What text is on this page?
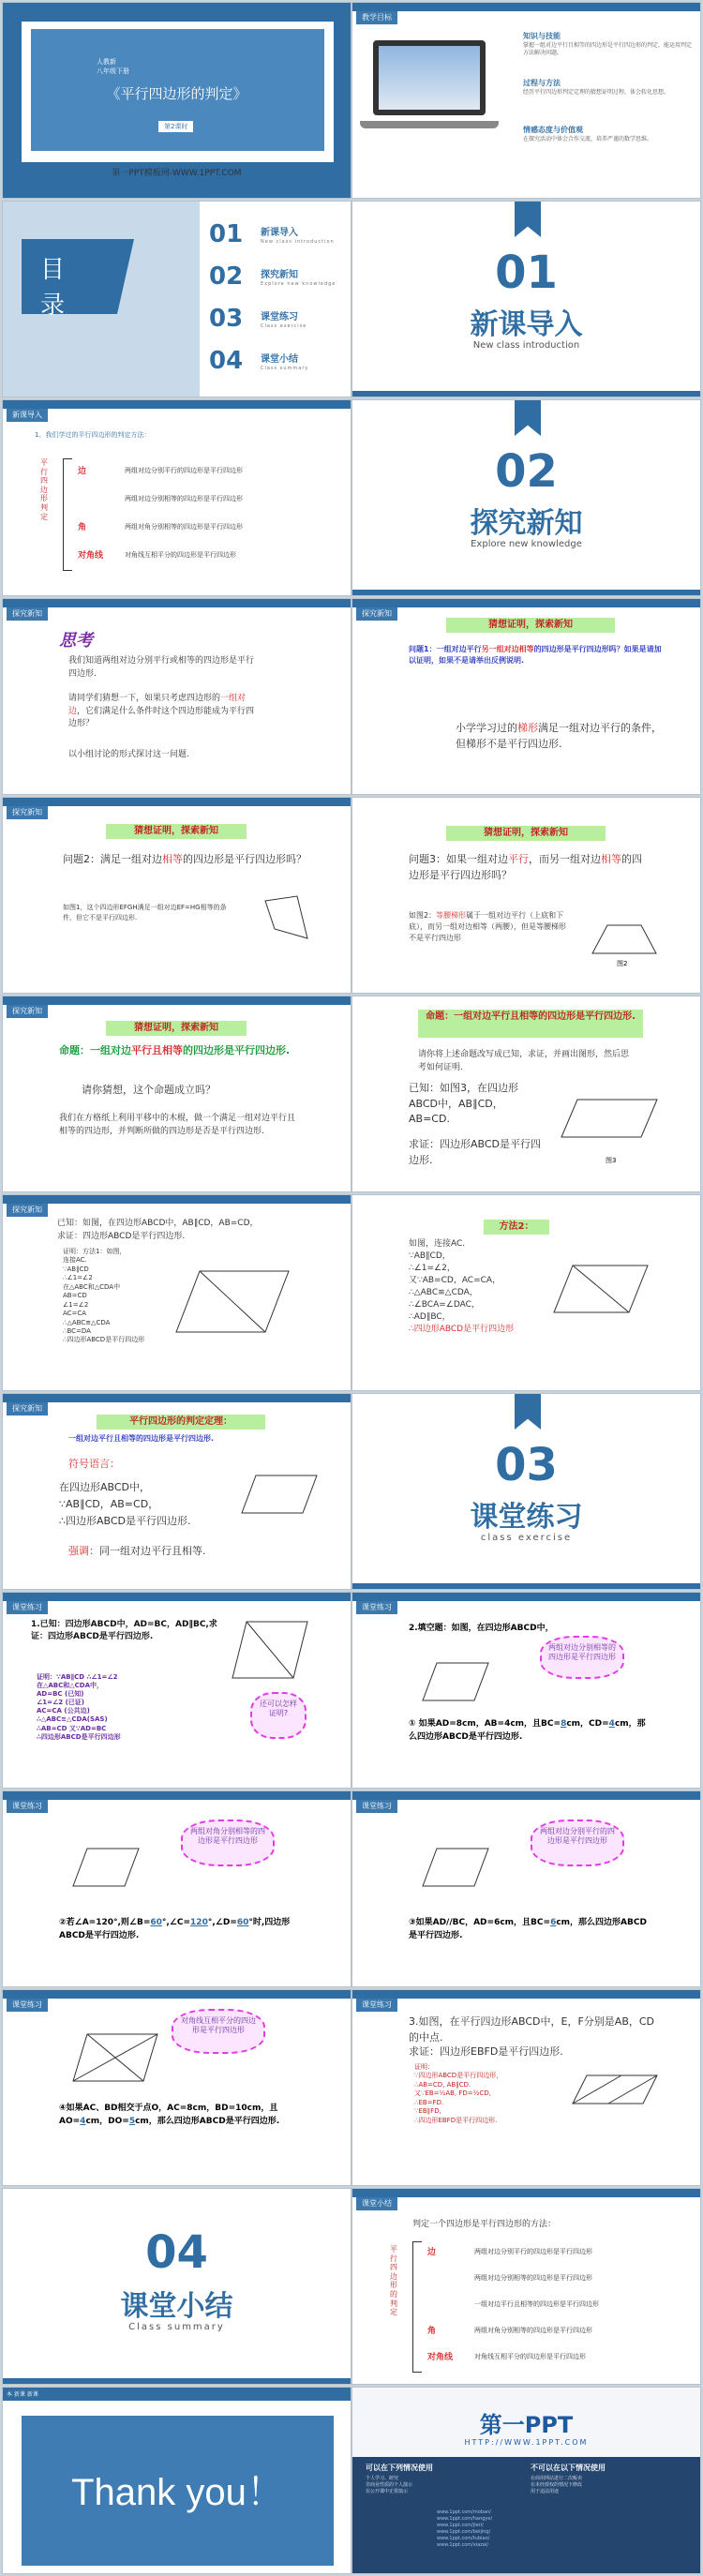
人教新
八年级下册
《平行四边形的判定》
第2课时
第一PPT模板网-WWW.1PPT.COM
教学目标
知识与技能
掌握一组对边平行且相等的四边形是平行四边形的判定，能运用判定方法解决问题。
过程与方法
经历平行四边形判定定理的猜想证明过程，体会转化思想。
情感态度与价值观
在探究活动中体会合作交流，培养严谨的数学思维。
目
录
01 新课导入
New class introduction
02 探究新知
Explore new knowledge
03 课堂练习
Class exercise
04 课堂小结
Class summary
01
新课导入
New class introduction
新课导入
1、我们学过的平行四边形的判定方法：
平行四边形判定
边	两组对边分别平行的四边形是平行四边形
两组对边分别相等的四边形是平行四边形
角	两组对角分别相等的四边形是平行四边形
对角线	对角线互相平分的四边形是平行四边形
02
探究新知
Explore new knowledge
探究新知
思考
我们知道两组对边分别平行或相等的四边形是平行四边形.
请同学们猜想一下，如果只考虑四边形的一组对边，它们满足什么条件时这个四边形能成为平行四边形？
以小组讨论的形式探讨这一问题.
探究新知
猜想证明，探索新知
问题1：一组对边平行另一组对边相等的四边形是平行四边形吗？如果是请加以证明，如果不是请举出反例说明.
小学学习过的梯形满足一组对边平行的条件，但梯形不是平行四边形.
探究新知
猜想证明，探索新知
问题2：满足一组对边相等的四边形是平行四边形吗？
如图1，这个四边形EFGH满足一组对边EF=HG相等的条件，但它不是平行四边形.
猜想证明，探索新知
问题3：如果一组对边平行，而另一组对边相等的四边形是平行四边形吗？
如图2：等腰梯形属于一组对边平行（上底和下底），而另一组对边相等（两腰），但是等腰梯形不是平行四边形
图2
探究新知
猜想证明，探索新知
命题：一组对边平行且相等的四边形是平行四边形.
请你猜想，这个命题成立吗？
我们在方格纸上利用平移中的木棍，做一个满足一组对边平行且相等的四边形，并判断所做的四边形是否是平行四边形.
命题：一组对边平行且相等的四边形是平行四边形.
请你将上述命题改写成已知，求证，并画出图形，然后思考如何证明.
已知：如图3，在四边形ABCD中，AB∥CD，AB=CD.
求证：四边形ABCD是平行四边形.	图3
探究新知
已知：如图，在四边形ABCD中，AB∥CD，AB=CD，
求证：四边形ABCD是平行四边形.
证明：方法1：如图，
连接AC.
∵AB∥CD
∴∠1=∠2
在△ABC和△CDA中
AB=CD
∠1=∠2
AC=CA
∴△ABC≌△CDA
∴BC=DA
∴四边形ABCD是平行四边形
方法2：
如图，连接AC.
∵AB∥CD，
∴∠1=∠2，
又∵AB=CD，AC=CA，
∴△ABC≌△CDA，
∴∠BCA=∠DAC，
∴AD∥BC，
∴四边形ABCD是平行四边形
探究新知
平行四边形的判定定理：
一组对边平行且相等的四边形是平行四边形.
符号语言：
在四边形ABCD中，
∵AB∥CD，AB=CD，
∴四边形ABCD是平行四边形.
强调：同一组对边平行且相等.
03
课堂练习
class exercise
课堂练习
1.已知：四边形ABCD中，AD=BC，AD∥BC,求证：四边形ABCD是平行四边形.
证明：∵AB∥CD ∴∠1=∠2
在△ABC和△CDA中，
AD=BC (已知)
∠1=∠2 (已证)
AC=CA (公共边)
∴△ABC≌△CDA(SAS)
∴AB=CD 又∵AD=BC
∴四边形ABCD是平行四边形
还可以怎样证明?
课堂练习
2.填空题：如图，在四边形ABCD中，
两组对边分别相等的四边形是平行四边形
① 如果AD=8cm，AB=4cm，且BC=8cm，CD=4cm，那么四边形ABCD是平行四边形.
课堂练习
两组对角分别相等的四边形是平行四边形
②若∠A=120°,则∠B=60°,∠C=120°,∠D=60°时,四边形ABCD是平行四边形.
课堂练习
两组对边分别平行的四边形是平行四边形
③如果AD//BC，AD=6cm，且BC=6cm，那么四边形ABCD是平行四边形.
课堂练习
对角线互相平分的四边形是平行四边形
④如果AC、BD相交于点O，AC=8cm，BD=10cm，且AO=4cm，DO=5cm，那么四边形ABCD是平行四边形.
课堂练习
3.如图，在平行四边形ABCD中，E，F分别是AB，CD的中点.
求证：四边形EBFD是平行四边形.
证明：
∵四边形ABCD是平行四边形，
∴AB=CD, AB∥CD.
又∵EB=½AB, FD=½CD,
∴EB=FD.
∵EB∥FD,
∴四边形EBFD是平行四边形.
04
课堂小结
Class summary
课堂小结
判定一个四边形是平行四边形的方法：
平行四边形的判定
边	两组对边分别平行的四边形是平行四边形
两组对边分别相等的四边形是平行四边形
一组对边平行且相等的四边形是平行四边形
角	两组对角分别相等的四边形是平行四边形
对角线	对角线互相平分的四边形是平行四边形
本 新课 新课
Thank you！
第一PPT
HTTP://WWW.1PPT.COM
可以在下列情况使用	不可以在以下情况使用
个人学习、研究
非商业性质的个人演示
在公开课中正常演示
在商用网站进行二次贩卖
在未经授权的情况下修改
用于违法用途
www.1ppt.com/moban/
www.1ppt.com/hangye/
www.1ppt.com/jieri/
www.1ppt.com/beijing/
www.1ppt.com/tubiao/
www.1ppt.com/xiazai/
